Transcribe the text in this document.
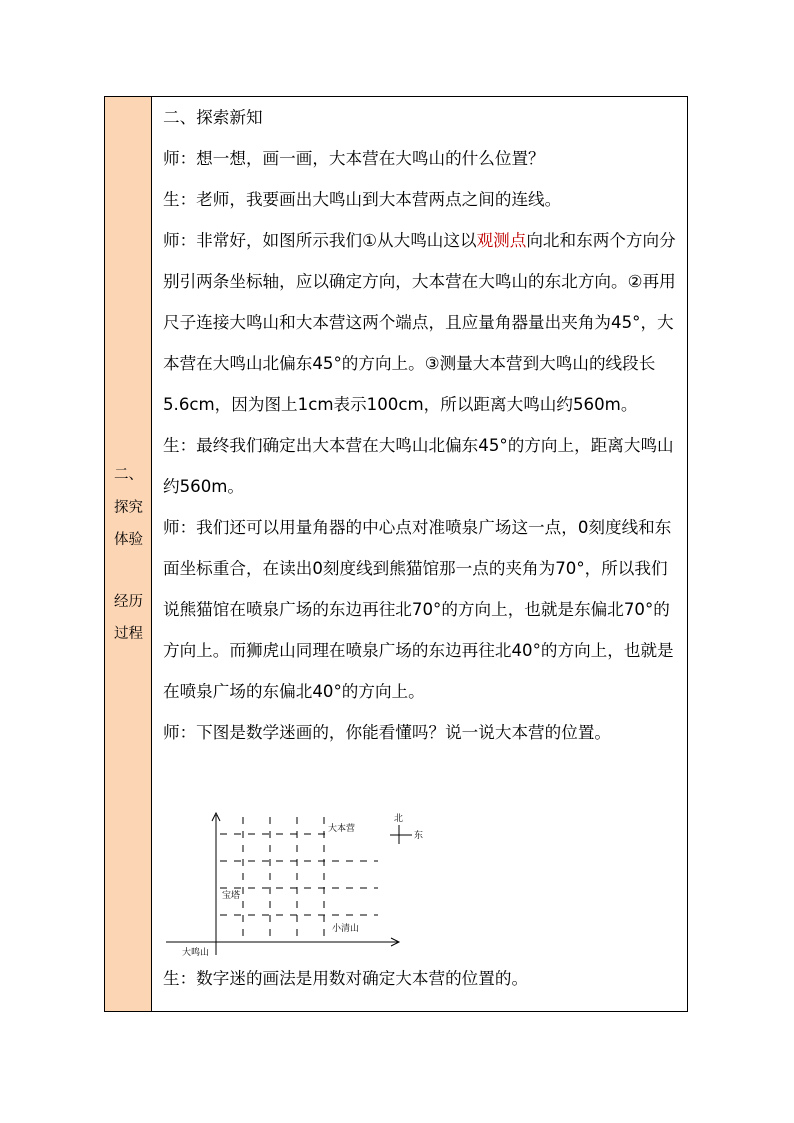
二、
探究
体验
经历
过程

二、探索新知

师：想一想，画一画，大本营在大鸣山的什么位置？

生：老师，我要画出大鸣山到大本营两点之间的连线。

师：非常好，如图所示我们①从大鸣山这以观测点向北和东两个方向分别引两条坐标轴，应以确定方向，大本营在大鸣山的东北方向。②再用尺子连接大鸣山和大本营这两个端点，且应量角器量出夹角为45°，大本营在大鸣山北偏东45°的方向上。③测量大本营到大鸣山的线段长5.6cm，因为图上1cm表示100cm，所以距离大鸣山约560m。

生：最终我们确定出大本营在大鸣山北偏东45°的方向上，距离大鸣山约560m。

师：我们还可以用量角器的中心点对准喷泉广场这一点，0刻度线和东面坐标重合，在读出0刻度线到熊猫馆那一点的夹角为70°，所以我们说熊猫馆在喷泉广场的东边再往北70°的方向上，也就是东偏北70°的方向上。而狮虎山同理在喷泉广场的东边再往北40°的方向上，也就是在喷泉广场的东偏北40°的方向上。

师：下图是数学迷画的，你能看懂吗？说一说大本营的位置。

北
东
大本营
宝塔
小清山
大鸣山

生：数字迷的画法是用数对确定大本营的位置的。
